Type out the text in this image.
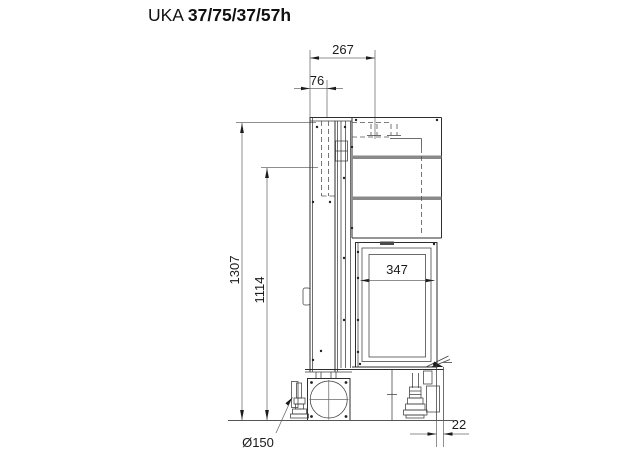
UKA 37/75/37/57h
267
76
1307
1114
347
Ø150
22
